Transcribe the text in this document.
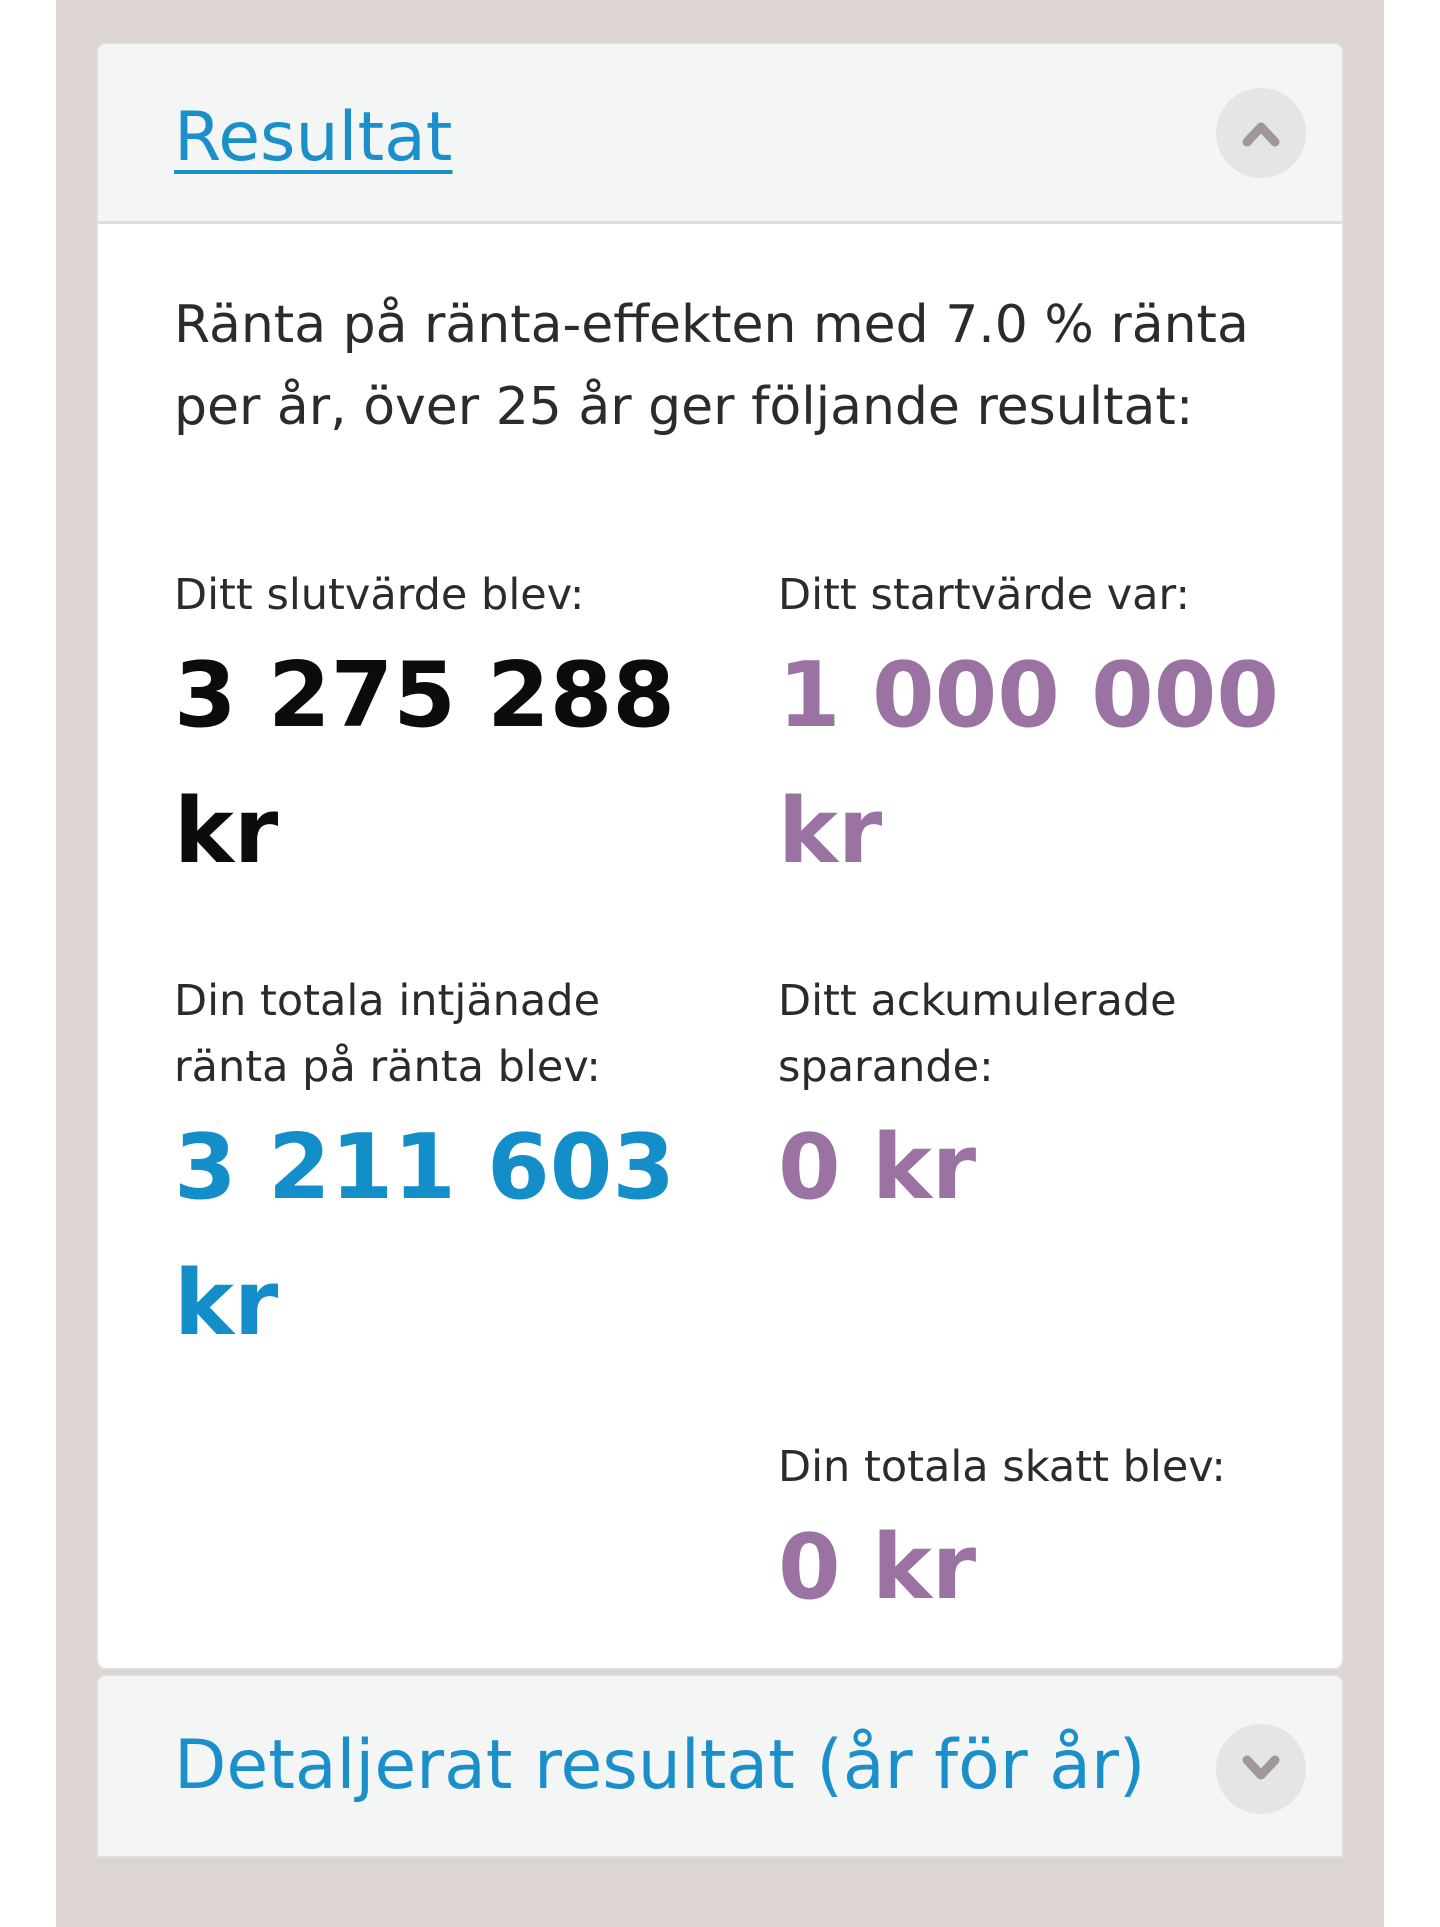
Resultat

Ränta på ränta-effekten med 7.0 % ränta per år, över 25 år ger följande resultat:

Ditt slutvärde blev:

3 275 288 kr

Ditt startvärde var:

1 000 000 kr

Din totala intjänade ränta på ränta blev:

3 211 603 kr

Ditt ackumulerade sparande:

0 kr

Din totala skatt blev:

0 kr

Detaljerat resultat (år för år)
